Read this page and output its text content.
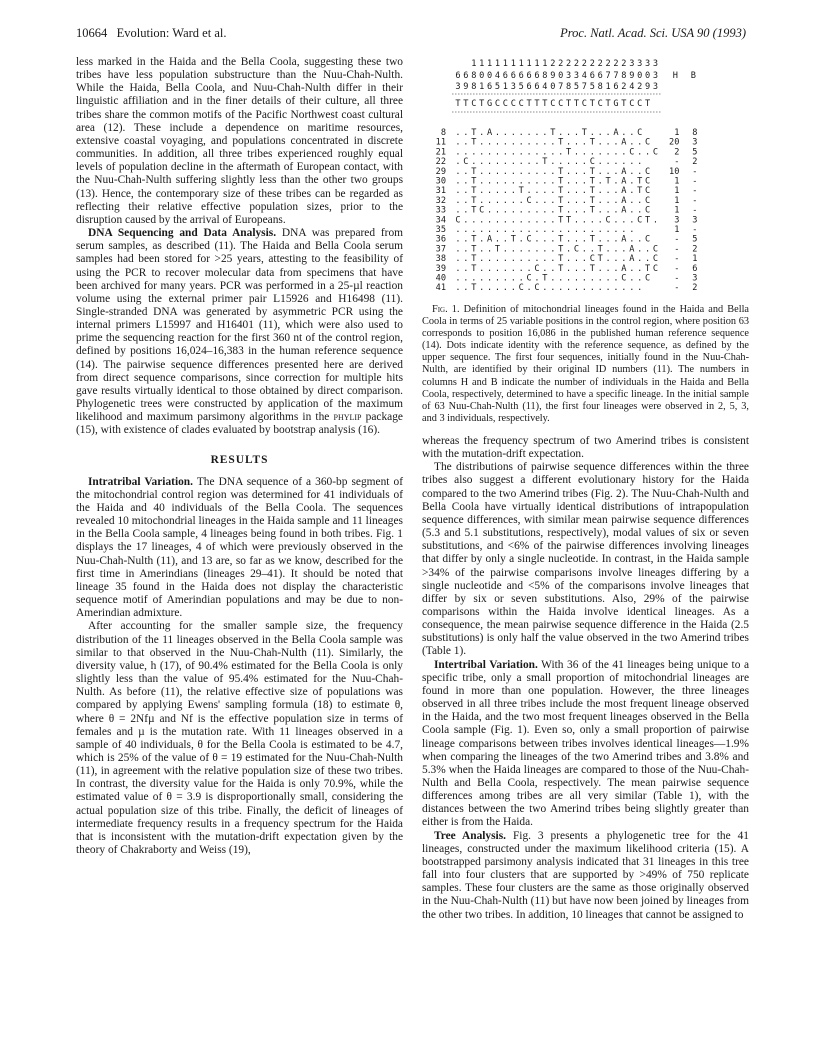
10664   Evolution: Ward et al.	Proc. Natl. Acad. Sci. USA 90 (1993)

less marked in the Haida and the Bella Coola, suggesting these two tribes have less population substructure than the Nuu-Chah-Nulth. While the Haida, Bella Coola, and Nuu-Chah-Nulth differ in their linguistic affiliation and in the finer details of their culture, all three tribes share the common motifs of the Pacific Northwest coast cultural area (12). These include a dependence on maritime resources, extensive coastal voyaging, and populations concentrated in discrete communities. In addition, all three tribes experienced roughly equal levels of population decline in the aftermath of European contact, with the Nuu-Chah-Nulth suffering slightly less than the other two groups (13). Hence, the contemporary size of these tribes can be regarded as reflecting their relative effective population sizes, prior to the disruption caused by the arrival of Europeans.

DNA Sequencing and Data Analysis. DNA was prepared from serum samples, as described (11). The Haida and Bella Coola serum samples had been stored for >25 years, attesting to the feasibility of using the PCR to recover molecular data from specimens that have been archived for many years. PCR was performed in a 25-µl reaction volume using the external primer pair L15926 and H16498 (11). Single-stranded DNA was generated by asymmetric PCR using the internal primers L15997 and H16401 (11), which were also used to prime the sequencing reaction for the first 360 nt of the control region, defined by positions 16,024–16,383 in the human reference sequence (14). The pairwise sequence differences presented here are derived from direct sequence comparisons, since correction for multiple hits gave results virtually identical to those obtained by direct comparison. Phylogenetic trees were constructed by application of the maximum likelihood and maximum parsimony algorithms in the phylip package (15), with existence of clades evaluated by bootstrap analysis (16).

RESULTS

Intratribal Variation. The DNA sequence of a 360-bp segment of the mitochondrial control region was determined for 41 individuals of the Haida and 40 individuals of the Bella Coola. The sequences revealed 10 mitochondrial lineages in the Haida sample and 11 lineages in the Bella Coola sample, 4 lineages being found in both tribes. Fig. 1 displays the 17 lineages, 4 of which were previously observed in the Nuu-Chah-Nulth (11), and 13 are, so far as we know, described for the first time in Amerindians (lineages 29–41). It should be noted that lineage 35 found in the Haida does not display the characteristic sequence motif of Amerindian populations and may be due to non-Amerindian admixture.

After accounting for the smaller sample size, the frequency distribution of the 11 lineages observed in the Bella Coola sample was similar to that observed in the Nuu-Chah-Nulth (11). Similarly, the diversity value, h (17), of 90.4% estimated for the Bella Coola is only slightly less than the value of 95.4% estimated for the Nuu-Chah-Nulth. As before (11), the relative effective size of populations was compared by applying Ewens' sampling formula (18) to estimate θ, where θ = 2Nfµ and Nf is the effective population size in terms of females and µ is the mutation rate. With 11 lineages observed in a sample of 40 individuals, θ for the Bella Coola is estimated to be 4.7, which is 25% of the value of θ = 19 estimated for the Nuu-Chah-Nulth (11), in agreement with the relative population size of these two tribes. In contrast, the diversity value for the Haida is only 70.9%, while the estimated value of θ = 3.9 is disproportionally small, considering the actual population size of this tribe. Finally, the deficit of lineages of intermediate frequency results in a frequency spectrum for the Haida that is inconsistent with the mutation-drift expectation given by the theory of Chakraborty and Weiss (19),

1 1 1 1 1 1 1 1 1 1 2 2 2 2 2 2 2 2 2 2 3 3 3 3
6 6 8 0 0 4 6 6 6 6 6 8 9 0 3 3 4 6 6 7 7 8 9 0 0 3
3 9 8 1 6 5 1 3 5 6 6 4 0 7 8 5 7 5 8 1 6 2 4 2 9 3
H B
T T C T G C C C C T T T C C T T C T C T G T C C T
8 . . T . A . . . . . . . T . . . T . . . A . . C	1 8
11 . . T . . . . . . . . . . T . . . T . . . A . . C 20 3
21 . . . . . . . . . . . . . . T . . . . . . . C . . C 2 5
22 . C . . . . . . . . . T . . . . . C . . . . . .	- 2
29 . . T . . . . . . . . . . T . . . T . . . A . . C 10 -
30 . . T . . . . . . . . . . T . . . T . T . A . T C	1 -
31 . . T . . . . . T . . . . T . . . T . . . A . T C	1 -
32 . . T . . . . . . C . . . T . . . T . . . A . . C	1 -
33 . . T C . . . . . . . . . T . . . T . . . A . . C	1 -
34 C . . . . . . . . . . . . T T . . . . C . . . C T . 3 3
35 . . . . . . . . . . . . . . . . . . . . . . .	1 -
36 . . T . A . . T . C . . . T . . . T . . . A . . C	- 5
37 . . T . . T . . . . . . . T . C . . T . . . A . . C - 2
38 . . T . . . . . . . . . . T . . . C T . . . A . . C - 1
39 . . T . . . . . . . C . . T . . . T . . . A . . T C - 6
40 . . . . . . . . . C . T . . . . . . . . . C . . C	- 3
41 . . T . . . . . C . C . . . . . . . . . . . . .	- 2
Fig. 1. Definition of mitochondrial lineages found in the Haida and Bella Coola in terms of 25 variable positions in the control region, where position 63 corresponds to position 16,086 in the published human reference sequence (14). Dots indicate identity with the reference sequence, as defined by the upper sequence. The first four sequences, initially found in the Nuu-Chah-Nulth, are identified by their original ID numbers (11). The numbers in columns H and B indicate the number of individuals in the Haida and Bella Coola, respectively, determined to have a specific lineage. In the initial sample of 63 Nuu-Chah-Nulth (11), the first four lineages were observed in 2, 5, 3, and 3 individuals, respectively.

whereas the frequency spectrum of two Amerind tribes is consistent with the mutation-drift expectation.

The distributions of pairwise sequence differences within the three tribes also suggest a different evolutionary history for the Haida compared to the two Amerind tribes (Fig. 2). The Nuu-Chah-Nulth and Bella Coola have virtually identical distributions of intrapopulation sequence differences, with similar mean pairwise sequence differences (5.3 and 5.1 substitutions, respectively), modal values of six or seven substitutions, and <6% of the pairwise differences involving lineages that differ by only a single nucleotide. In contrast, in the Haida sample >34% of the pairwise comparisons involve lineages differing by a single nucleotide and <5% of the comparisons involve lineages that differ by six or seven substitutions. Also, 29% of the pairwise comparisons within the Haida involve identical lineages. As a consequence, the mean pairwise sequence difference in the Haida (2.5 substitutions) is only half the value observed in the two Amerind tribes (Table 1).

Intertribal Variation. With 36 of the 41 lineages being unique to a specific tribe, only a small proportion of mitochondrial lineages are found in more than one population. However, the three lineages observed in all three tribes include the most frequent lineage observed in the Haida, and the two most frequent lineages observed in the Bella Coola sample (Fig. 1). Even so, only a small proportion of pairwise lineage comparisons between tribes involves identical lineages—1.9% when comparing the lineages of the two Amerind tribes and 3.8% and 5.3% when the Haida lineages are compared to those of the Nuu-Chah-Nulth and Bella Coola, respectively. The mean pairwise sequence differences among tribes are all very similar (Table 1), with the distances between the two Amerind tribes being slightly greater than either is from the Haida.

Tree Analysis. Fig. 3 presents a phylogenetic tree for the 41 lineages, constructed under the maximum likelihood criteria (15). A bootstrapped parsimony analysis indicated that 31 lineages in this tree fall into four clusters that are supported by >49% of 750 replicate samples. These four clusters are the same as those originally observed in the Nuu-Chah-Nulth (11) but have now been joined by lineages from the other two tribes. In addition, 10 lineages that cannot be assigned to
